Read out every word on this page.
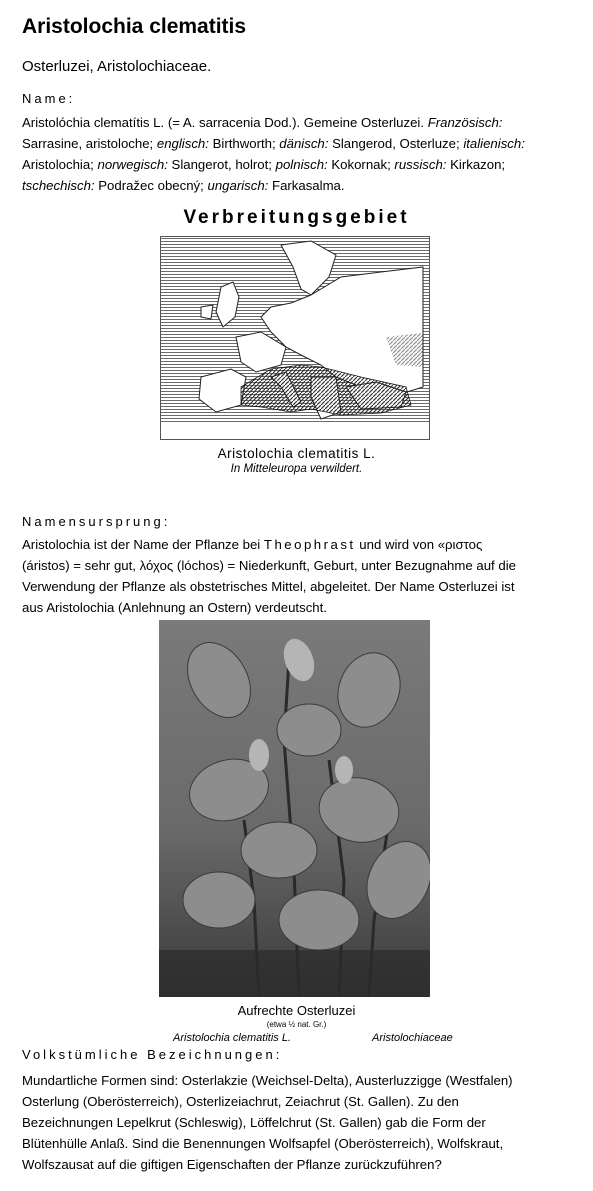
Aristolochia clematitis
Osterluzei, Aristolochiaceae.
Name:
Aristolóchia clematítis L. (= A. sarracenia Dod.). Gemeine Osterluzei. Französisch:
Sarrasine, aristoloche; englisch: Birthworth; dänisch: Slangerod, Osterluze; italienisch:
Aristolochia; norwegisch: Slangerot, holrot; polnisch: Kokornak; russisch: Kirkazon;
tschechisch: Podražec obecný; ungarisch: Farkasalma.
Verbreitungsgebiet
Aristolochia clematitis L.
In Mitteleuropa verwildert.
Namensursprung:
Aristolochia ist der Name der Pflanze bei Theophrast und wird von «ριστος
(áristos) = sehr gut, λόχος (lóchos) = Niederkunft, Geburt, unter Bezugnahme auf die
Verwendung der Pflanze als obstetrisches Mittel, abgeleitet. Der Name Osterluzei ist
aus Aristolochia (Anlehnung an Ostern) verdeutscht.
Aufrechte Osterluzei
(etwa ½ nat. Gr.)
Aristolochia clematitis L.	Aristolochiaceae
Volkstümliche Bezeichnungen:
Mundartliche Formen sind: Osterlakzie (Weichsel-Delta), Austerluzzigge (Westfalen)
Osterlung (Oberösterreich), Osterlizeiachrut, Zeiachrut (St. Gallen). Zu den
Bezeichnungen Lepelkrut (Schleswig), Löffelchrut (St. Gallen) gab die Form der
Blütenhülle Anlaß. Sind die Benennungen Wolfsapfel (Oberösterreich), Wolfskraut,
Wolfszausat auf die giftigen Eigenschaften der Pflanze zurückzuführen?
